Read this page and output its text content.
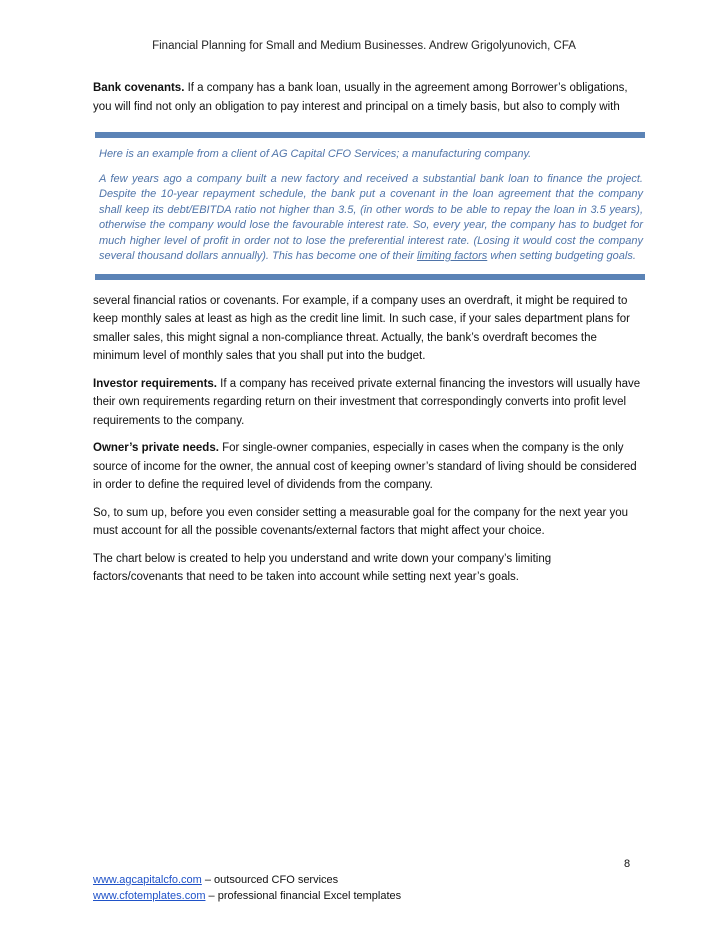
Financial Planning for Small and Medium Businesses. Andrew Grigolyunovich, CFA

Bank covenants. If a company has a bank loan, usually in the agreement among Borrower’s obligations, you will find not only an obligation to pay interest and principal on a timely basis, but also to comply with

Here is an example from a client of AG Capital CFO Services; a manufacturing company.

A few years ago a company built a new factory and received a substantial bank loan to finance the project. Despite the 10-year repayment schedule, the bank put a covenant in the loan agreement that the company shall keep its debt/EBITDA ratio not higher than 3.5, (in other words to be able to repay the loan in 3.5 years), otherwise the company would lose the favourable interest rate. So, every year, the company has to budget for much higher level of profit in order not to lose the preferential interest rate. (Losing it would cost the company several thousand dollars annually). This has become one of their limiting factors when setting budgeting goals.

several financial ratios or covenants. For example, if a company uses an overdraft, it might be required to keep monthly sales at least as high as the credit line limit. In such case, if your sales department plans for smaller sales, this might signal a non-compliance threat. Actually, the bank’s overdraft becomes the minimum level of monthly sales that you shall put into the budget.

Investor requirements. If a company has received private external financing the investors will usually have their own requirements regarding return on their investment that correspondingly converts into profit level requirements to the company.

Owner’s private needs. For single-owner companies, especially in cases when the company is the only source of income for the owner, the annual cost of keeping owner’s standard of living should be considered in order to define the required level of dividends from the company.

So, to sum up, before you even consider setting a measurable goal for the company for the next year you must account for all the possible covenants/external factors that might affect your choice.

The chart below is created to help you understand and write down your company’s limiting factors/covenants that need to be taken into account while setting next year’s goals.

8
www.agcapitalcfo.com – outsourced CFO services
www.cfotemplates.com – professional financial Excel templates
